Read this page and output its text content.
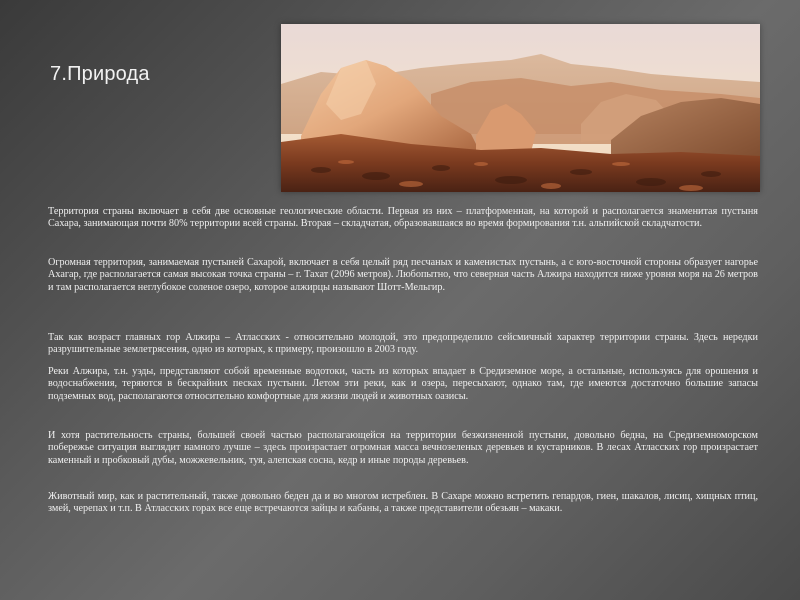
7.Природа
Территория страны включает в себя две основные геологические области. Первая из них – платформенная, на которой и располагается знаменитая пустыня Сахара, занимающая почти 80% территории всей страны. Вторая – складчатая, образовавшаяся во время формирования т.н. альпийской складчатости.
Огромная территория, занимаемая пустыней Сахарой, включает в себя целый ряд песчаных и каменистых пустынь, а с юго-восточной стороны образует нагорье Ахагар, где располагается самая высокая точка страны – г. Тахат (2096 метров). Любопытно, что северная часть Алжира находится ниже уровня моря на 26 метров и там располагается неглубокое соленое озеро, которое алжирцы называют Шотт-Мельгир.
Так как возраст главных гор Алжира – Атласских - относительно молодой, это предопределило сейсмичный характер территории страны. Здесь нередки разрушительные землетрясения, одно из которых, к примеру, произошло в 2003 году.
Реки Алжира, т.н. уэды, представляют собой временные водотоки, часть из которых впадает в Средиземное море, а остальные, используясь для орошения и водоснабжения, теряются в бескрайних песках пустыни. Летом эти реки, как и озера, пересыхают, однако там, где имеются достаточно большие запасы подземных вод, располагаются относительно комфортные для жизни людей и животных оазисы.
И хотя растительность страны, большей своей частью располагающейся на территории безжизненной пустыни, довольно бедна, на Средиземноморском побережье ситуация выглядит намного лучше – здесь произрастает огромная масса вечнозеленых деревьев и кустарников. В лесах Атласских гор произрастает каменный и пробковый дубы, можжевельник, туя, алепская сосна, кедр и иные породы деревьев.
Животный мир, как и растительный, также довольно беден да и во многом истреблен. В Сахаре можно встретить гепардов, гиен, шакалов, лисиц, хищных птиц, змей, черепах и т.п. В Атласских горах все еще встречаются зайцы и кабаны, а также представители обезьян – макаки.
